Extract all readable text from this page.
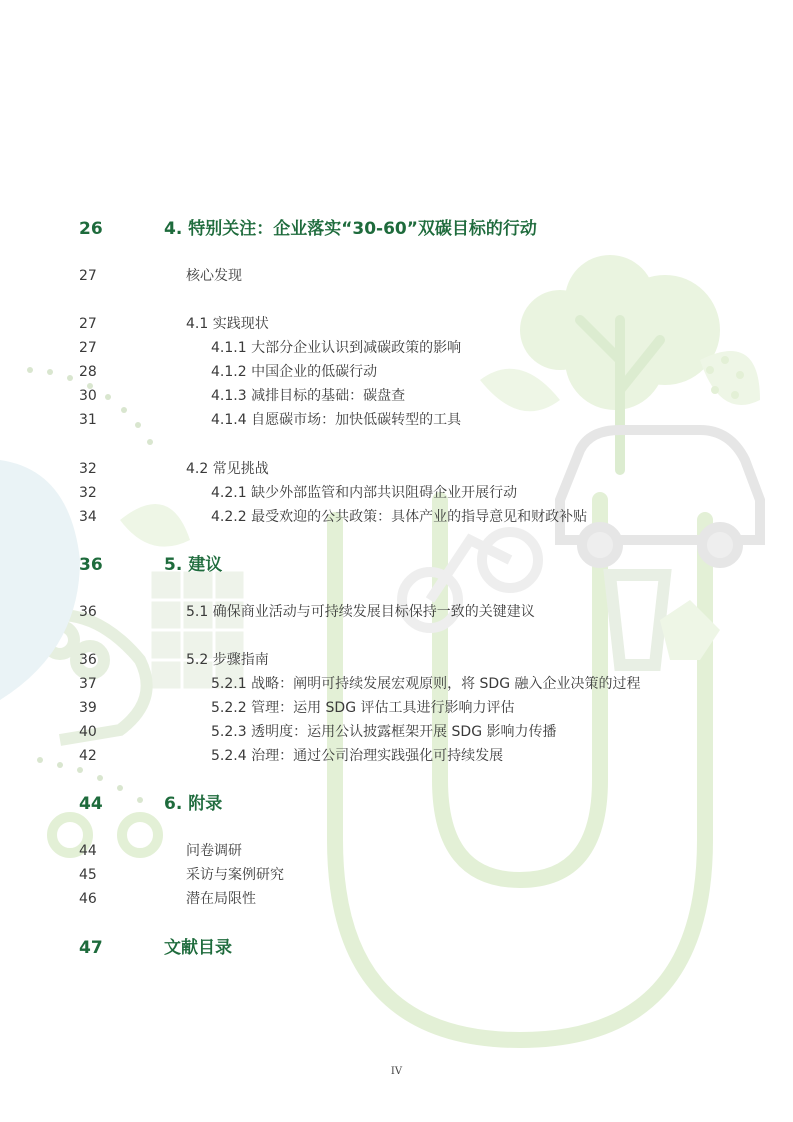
26	4. 特别关注：企业落实“30-60”双碳目标的行动
27	核心发现
27	4.1 实践现状
27	4.1.1 大部分企业认识到减碳政策的影响
28	4.1.2 中国企业的低碳行动
30	4.1.3 减排目标的基础：碳盘查
31	4.1.4 自愿碳市场：加快低碳转型的工具
32	4.2 常见挑战
32	4.2.1 缺少外部监管和内部共识阻碍企业开展行动
34	4.2.2 最受欢迎的公共政策：具体产业的指导意见和财政补贴
36	5. 建议
36	5.1 确保商业活动与可持续发展目标保持一致的关键建议
36	5.2 步骤指南
37	5.2.1 战略：阐明可持续发展宏观原则，将 SDG 融入企业决策的过程
39	5.2.2 管理：运用 SDG 评估工具进行影响力评估
40	5.2.3 透明度：运用公认披露框架开展 SDG 影响力传播
42	5.2.4 治理：通过公司治理实践强化可持续发展
44	6. 附录
44	问卷调研
45	采访与案例研究
46	潜在局限性
47	文献目录
IV
